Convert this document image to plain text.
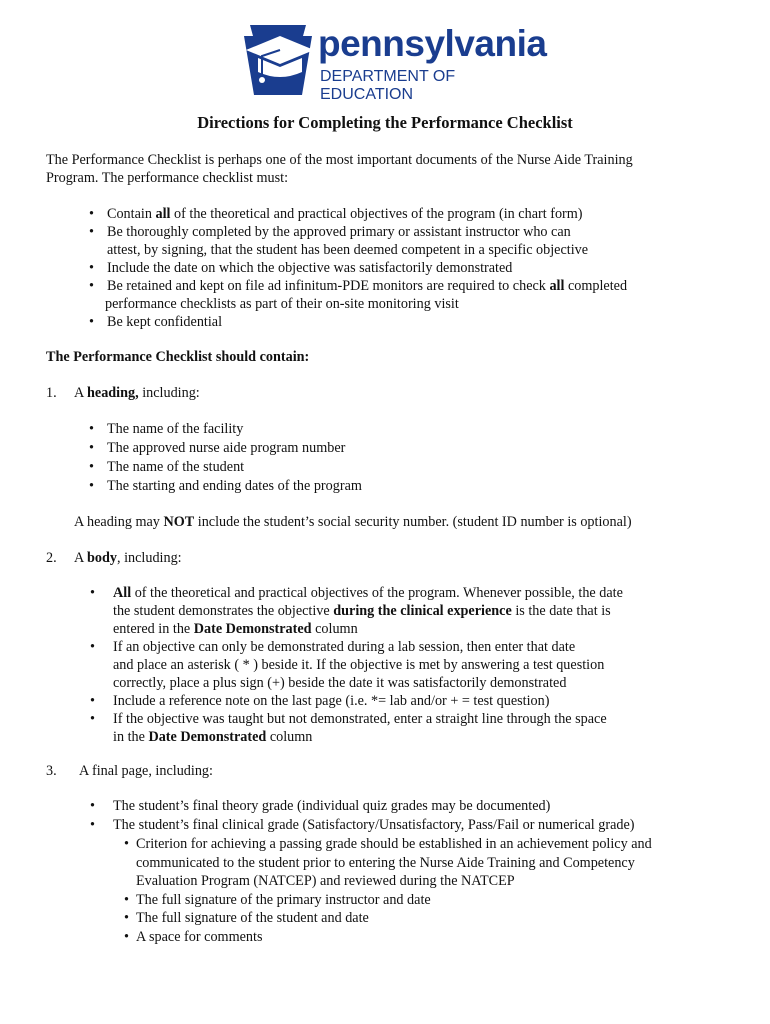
pennsylvania
DEPARTMENT OF EDUCATION
Directions for Completing the Performance Checklist
The Performance Checklist is perhaps one of the most important documents of the Nurse Aide Training
Program. The performance checklist must:
• Contain all of the theoretical and practical objectives of the program (in chart form)
• Be thoroughly completed by the approved primary or assistant instructor who can
attest, by signing, that the student has been deemed competent in a specific objective
• Include the date on which the objective was satisfactorily demonstrated
• Be retained and kept on file ad infinitum-PDE monitors are required to check all completed
performance checklists as part of their on-site monitoring visit
• Be kept confidential
The Performance Checklist should contain:
1. A heading, including:
• The name of the facility
• The approved nurse aide program number
• The name of the student
• The starting and ending dates of the program
A heading may NOT include the student’s social security number. (student ID number is optional)
2. A body, including:
• All of the theoretical and practical objectives of the program. Whenever possible, the date
the student demonstrates the objective during the clinical experience is the date that is
entered in the Date Demonstrated column
• If an objective can only be demonstrated during a lab session, then enter that date
and place an asterisk ( * ) beside it. If the objective is met by answering a test question
correctly, place a plus sign (+) beside the date it was satisfactorily demonstrated
• Include a reference note on the last page (i.e. *= lab and/or + = test question)
• If the objective was taught but not demonstrated, enter a straight line through the space
in the Date Demonstrated column
3. A final page, including:
• The student’s final theory grade (individual quiz grades may be documented)
• The student’s final clinical grade (Satisfactory/Unsatisfactory, Pass/Fail or numerical grade)
• Criterion for achieving a passing grade should be established in an achievement policy and
communicated to the student prior to entering the Nurse Aide Training and Competency
Evaluation Program (NATCEP) and reviewed during the NATCEP
• The full signature of the primary instructor and date
• The full signature of the student and date
• A space for comments
